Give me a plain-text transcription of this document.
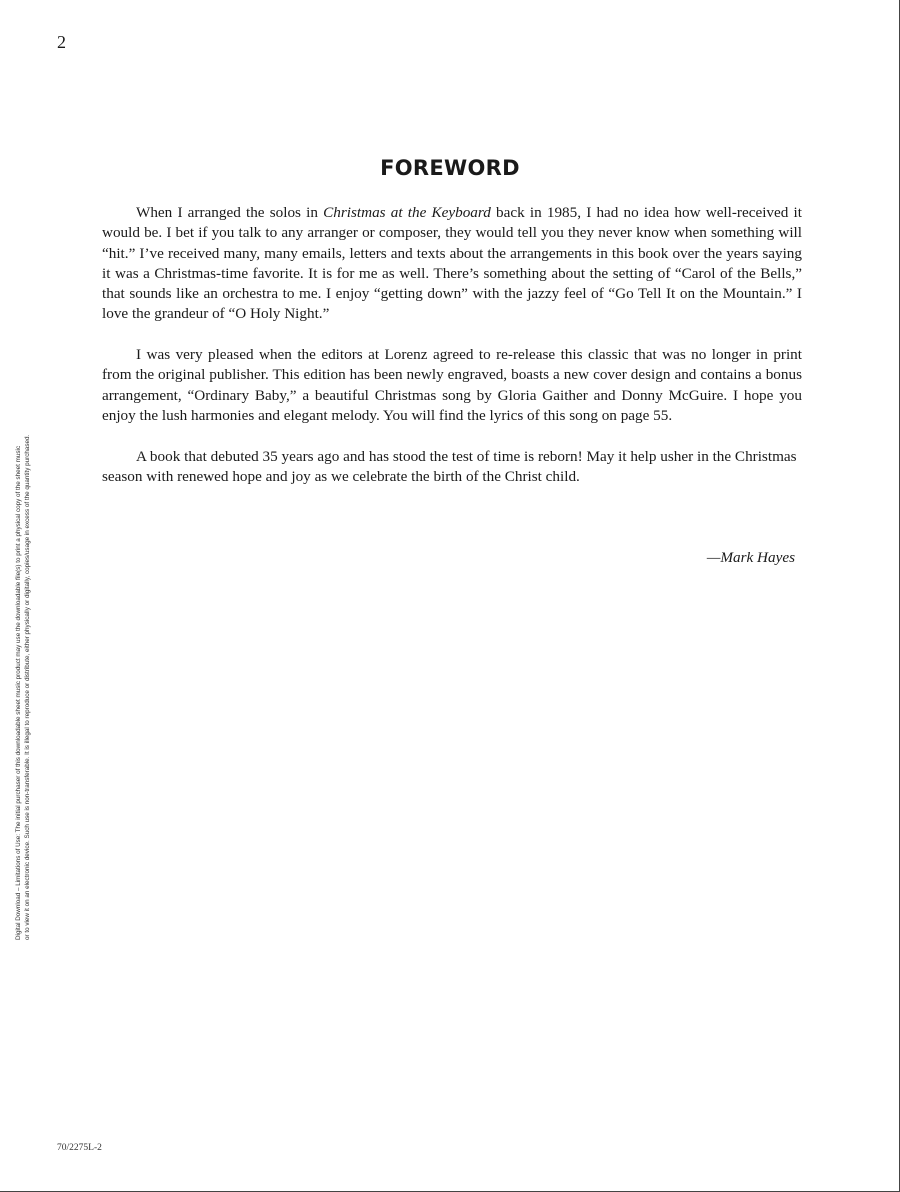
2
Digital Download – Limitations of Use: The initial purchaser of this downloadable sheet music product may use the downloadable file(s) to print a physical copy of the sheet music or to view it on an electronic device. Such use is non-transferable. It is illegal to reproduce or distribute, either physically or digitally, copies/usage in excess of the quantity purchased.
FOREWORD

When I arranged the solos in Christmas at the Keyboard back in 1985, I had no idea how well-received it would be. I bet if you talk to any arranger or composer, they would tell you they never know when something will “hit.” I’ve received many, many emails, letters and texts about the arrangements in this book over the years saying it was a Christmas-time favorite. It is for me as well. There’s something about the setting of “Carol of the Bells,” that sounds like an orchestra to me. I enjoy “getting down” with the jazzy feel of “Go Tell It on the Mountain.” I love the grandeur of “O Holy Night.”

I was very pleased when the editors at Lorenz agreed to re-release this classic that was no longer in print from the original publisher. This edition has been newly engraved, boasts a new cover design and contains a bonus arrangement, “Ordinary Baby,” a beautiful Christmas song by Gloria Gaither and Donny McGuire. I hope you enjoy the lush harmonies and elegant melody. You will find the lyrics of this song on page 55.

A book that debuted 35 years ago and has stood the test of time is reborn! May it help usher in the Christmas season with renewed hope and joy as we celebrate the birth of the Christ child.

—Mark Hayes
70/2275L-2
